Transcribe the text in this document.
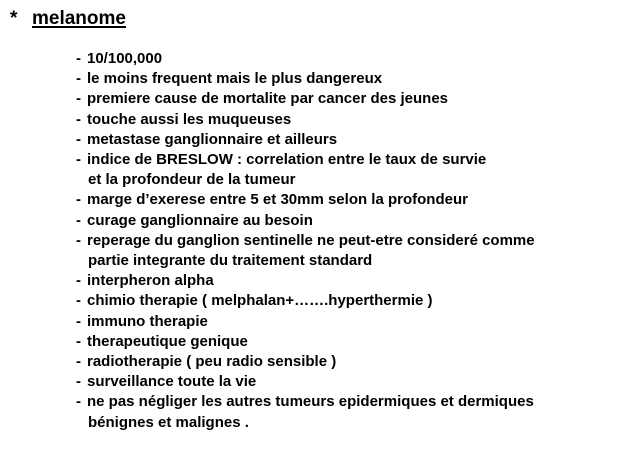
* melanome
- 10/100,000
- le moins frequent mais le plus dangereux
- premiere cause de mortalite par cancer des jeunes
- touche aussi les muqueuses
- metastase ganglionnaire et ailleurs
- indice de BRESLOW : correlation entre le taux de survie
et la profondeur de la tumeur
- marge d’exerese entre 5 et 30mm selon la profondeur
- curage ganglionnaire au besoin
- reperage du ganglion sentinelle ne peut-etre consideré comme
partie integrante du traitement standard
- interpheron alpha
- chimio therapie ( melphalan+…….hyperthermie )
- immuno therapie
- therapeutique genique
- radiotherapie ( peu radio sensible )
- surveillance toute la vie
- ne pas négliger les autres tumeurs epidermiques et dermiques
bénignes et malignes .
